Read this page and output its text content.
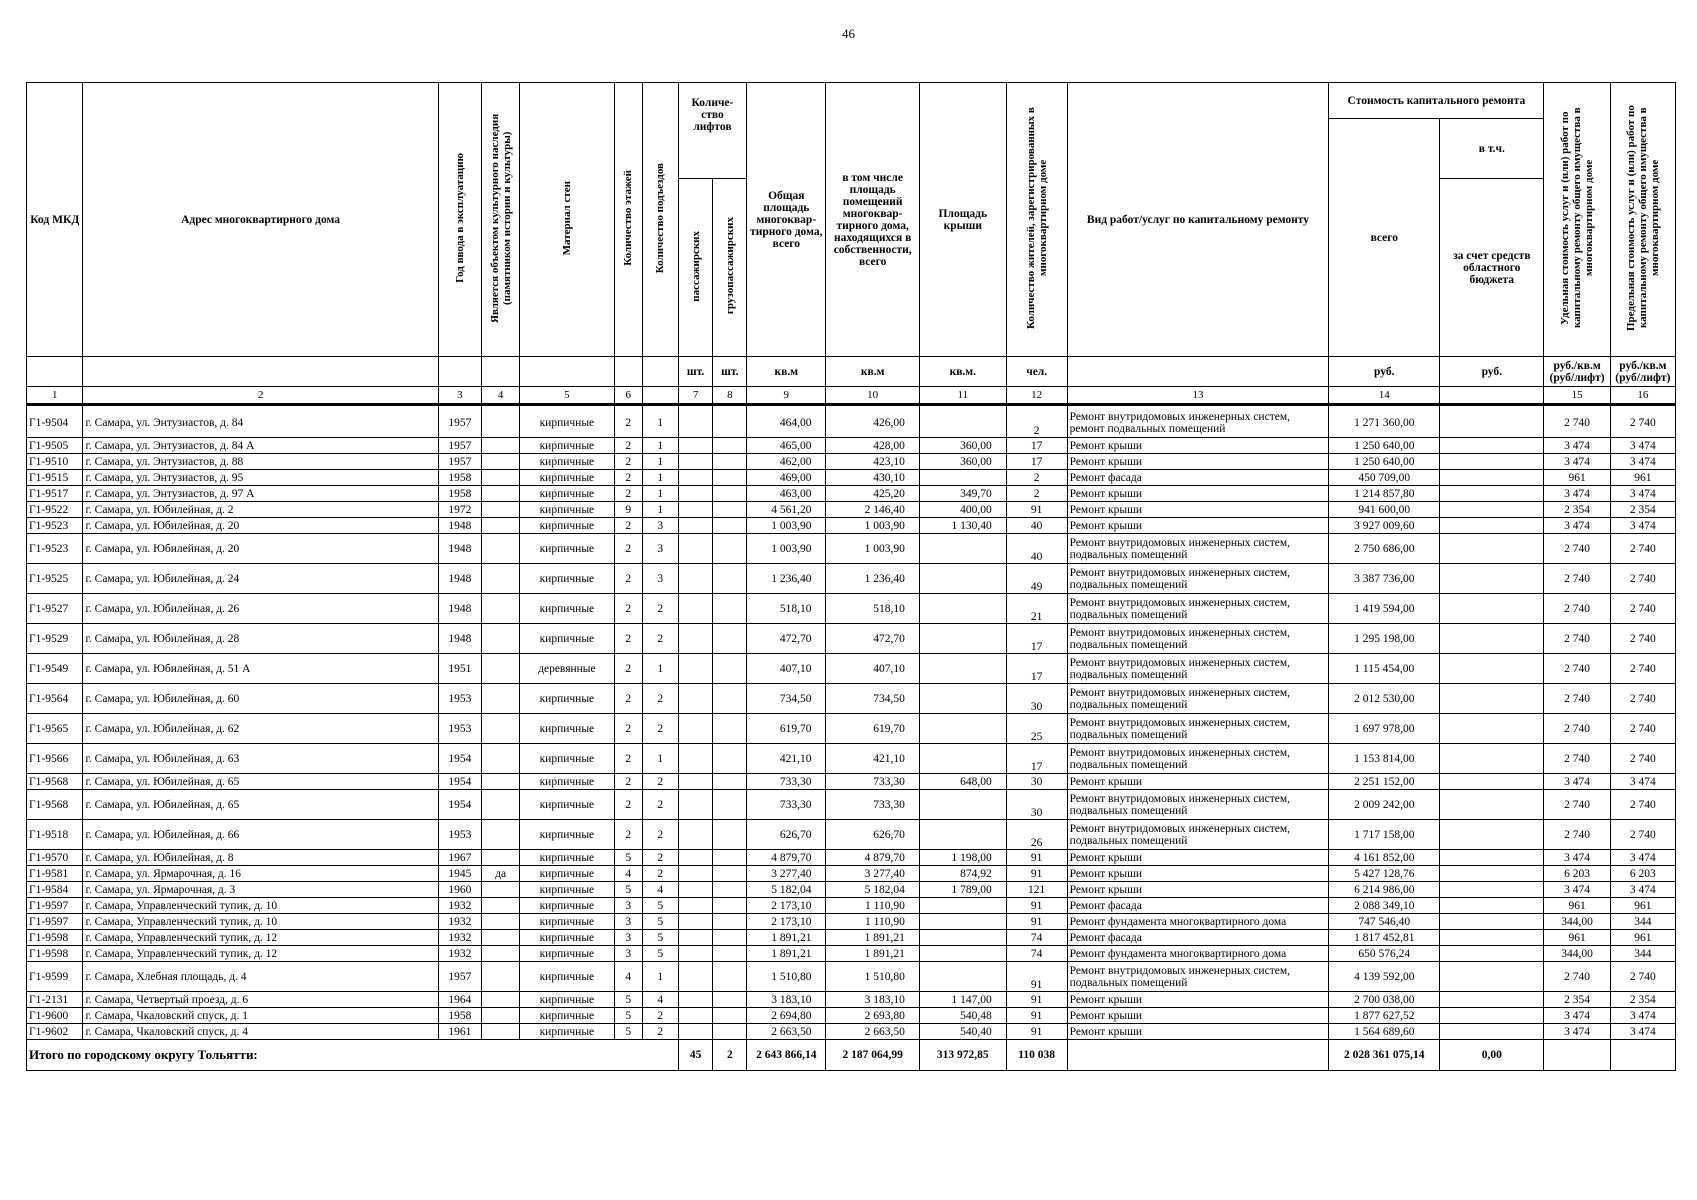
46
Код МКД	Адрес многоквартирного дома	Год ввода в эксплуатацию	Является объектом культурного наследия (памятником истории и культуры)	Материал стен	Количество этажей	Количество подъездов	Количе-ство лифтов		Общая площадь многоквар-тирного дома, всего	в том числе площадь помещений многоквар-тирного дома, находящихся в собственности, всего	Площадь крыши	Количество жителей, зарегистрированных в многоквартирном доме	Вид работ/услуг по капитальному ремонту	Стоимость капитального ремонта		Удельная стоимость услуг и (или) работ по капитальному ремонту общего имущества в многоквартирном доме	Предельная стоимость услуг и (или) работ по капитальному ремонту общего имущества в многоквартирном доме
														всего	в т.ч.		
							пассажирских	грузопассажирских							за счет средств областного бюджета		
							шт.	шт.	кв.м	кв.м	кв.м.	чел.		руб.	руб.	руб./кв.м (руб/лифт)	руб./кв.м (руб/лифт)
1	2	3	4	5	6		7	8	9	10	11	12	13	14		15	16
Г1-9504	г. Самара, ул. Энтузиастов, д. 84	1957		кирпичные	2	1			464,00	426,00		2	Ремонт внутридомовых инженерных систем, ремонт подвальных помещений	1 271 360,00		2 740	2 740
Г1-9505	г. Самара, ул. Энтузиастов, д. 84 А	1957		кирпичные	2	1			465,00	428,00	360,00	17	Ремонт крыши	1 250 640,00		3 474	3 474
Г1-9510	г. Самара, ул. Энтузиастов, д. 88	1957		кирпичные	2	1			462,00	423,10	360,00	17	Ремонт крыши	1 250 640,00		3 474	3 474
Г1-9515	г. Самара, ул. Энтузиастов, д. 95	1958		кирпичные	2	1			469,00	430,10		2	Ремонт фасада	450 709,00		961	961
Г1-9517	г. Самара, ул. Энтузиастов, д. 97 А	1958		кирпичные	2	1			463,00	425,20	349,70	2	Ремонт крыши	1 214 857,80		3 474	3 474
Г1-9522	г. Самара, ул. Юбилейная, д. 2	1972		кирпичные	9	1			4 561,20	2 146,40	400,00	91	Ремонт крыши	941 600,00		2 354	2 354
Г1-9523	г. Самара, ул. Юбилейная, д. 20	1948		кирпичные	2	3			1 003,90	1 003,90	1 130,40	40	Ремонт крыши	3 927 009,60		3 474	3 474
Г1-9523	г. Самара, ул. Юбилейная, д. 20	1948		кирпичные	2	3			1 003,90	1 003,90		40	Ремонт внутридомовых инженерных систем, подвальных помещений	2 750 686,00		2 740	2 740
Г1-9525	г. Самара, ул. Юбилейная, д. 24	1948		кирпичные	2	3			1 236,40	1 236,40		49	Ремонт внутридомовых инженерных систем, подвальных помещений	3 387 736,00		2 740	2 740
Г1-9527	г. Самара, ул. Юбилейная, д. 26	1948		кирпичные	2	2			518,10	518,10		21	Ремонт внутридомовых инженерных систем, подвальных помещений	1 419 594,00		2 740	2 740
Г1-9529	г. Самара, ул. Юбилейная, д. 28	1948		кирпичные	2	2			472,70	472,70		17	Ремонт внутридомовых инженерных систем, подвальных помещений	1 295 198,00		2 740	2 740
Г1-9549	г. Самара, ул. Юбилейная, д. 51 А	1951		деревянные	2	1			407,10	407,10		17	Ремонт внутридомовых инженерных систем, подвальных помещений	1 115 454,00		2 740	2 740
Г1-9564	г. Самара, ул. Юбилейная, д. 60	1953		кирпичные	2	2			734,50	734,50		30	Ремонт внутридомовых инженерных систем, подвальных помещений	2 012 530,00		2 740	2 740
Г1-9565	г. Самара, ул. Юбилейная, д. 62	1953		кирпичные	2	2			619,70	619,70		25	Ремонт внутридомовых инженерных систем, подвальных помещений	1 697 978,00		2 740	2 740
Г1-9566	г. Самара, ул. Юбилейная, д. 63	1954		кирпичные	2	1			421,10	421,10		17	Ремонт внутридомовых инженерных систем, подвальных помещений	1 153 814,00		2 740	2 740
Г1-9568	г. Самара, ул. Юбилейная, д. 65	1954		кирпичные	2	2			733,30	733,30	648,00	30	Ремонт крыши	2 251 152,00		3 474	3 474
Г1-9568	г. Самара, ул. Юбилейная, д. 65	1954		кирпичные	2	2			733,30	733,30		30	Ремонт внутридомовых инженерных систем, подвальных помещений	2 009 242,00		2 740	2 740
Г1-9518	г. Самара, ул. Юбилейная, д. 66	1953		кирпичные	2	2			626,70	626,70		26	Ремонт внутридомовых инженерных систем, подвальных помещений	1 717 158,00		2 740	2 740
Г1-9570	г. Самара, ул. Юбилейная, д. 8	1967		кирпичные	5	2			4 879,70	4 879,70	1 198,00	91	Ремонт крыши	4 161 852,00		3 474	3 474
Г1-9581	г. Самара, ул. Ярмарочная, д. 16	1945	да	кирпичные	4	2			3 277,40	3 277,40	874,92	91	Ремонт крыши	5 427 128,76		6 203	6 203
Г1-9584	г. Самара, ул. Ярмарочная, д. 3	1960		кирпичные	5	4			5 182,04	5 182,04	1 789,00	121	Ремонт крыши	6 214 986,00		3 474	3 474
Г1-9597	г. Самара, Управленческий тупик, д. 10	1932		кирпичные	3	5			2 173,10	1 110,90		91	Ремонт фасада	2 088 349,10		961	961
Г1-9597	г. Самара, Управленческий тупик, д. 10	1932		кирпичные	3	5			2 173,10	1 110,90		91	Ремонт фундамента многоквартирного дома	747 546,40		344,00	344
Г1-9598	г. Самара, Управленческий тупик, д. 12	1932		кирпичные	3	5			1 891,21	1 891,21		74	Ремонт фасада	1 817 452,81		961	961
Г1-9598	г. Самара, Управленческий тупик, д. 12	1932		кирпичные	3	5			1 891,21	1 891,21		74	Ремонт фундамента многоквартирного дома	650 576,24		344,00	344
Г1-9599	г. Самара, Хлебная площадь, д. 4	1957		кирпичные	4	1			1 510,80	1 510,80		91	Ремонт внутридомовых инженерных систем, подвальных помещений	4 139 592,00		2 740	2 740
Г1-2131	г. Самара, Четвертый проезд, д. 6	1964		кирпичные	5	4			3 183,10	3 183,10	1 147,00	91	Ремонт крыши	2 700 038,00		2 354	2 354
Г1-9600	г. Самара, Чкаловский спуск, д. 1	1958		кирпичные	5	2			2 694,80	2 693,80	540,48	91	Ремонт крыши	1 877 627,52		3 474	3 474
Г1-9602	г. Самара, Чкаловский спуск, д. 4	1961		кирпичные	5	2			2 663,50	2 663,50	540,40	91	Ремонт крыши	1 564 689,60		3 474	3 474
Итого по городскому округу Тольятти:							45	2	2 643 866,14	2 187 064,99	313 972,85	110 038		2 028 361 075,14	0,00		
